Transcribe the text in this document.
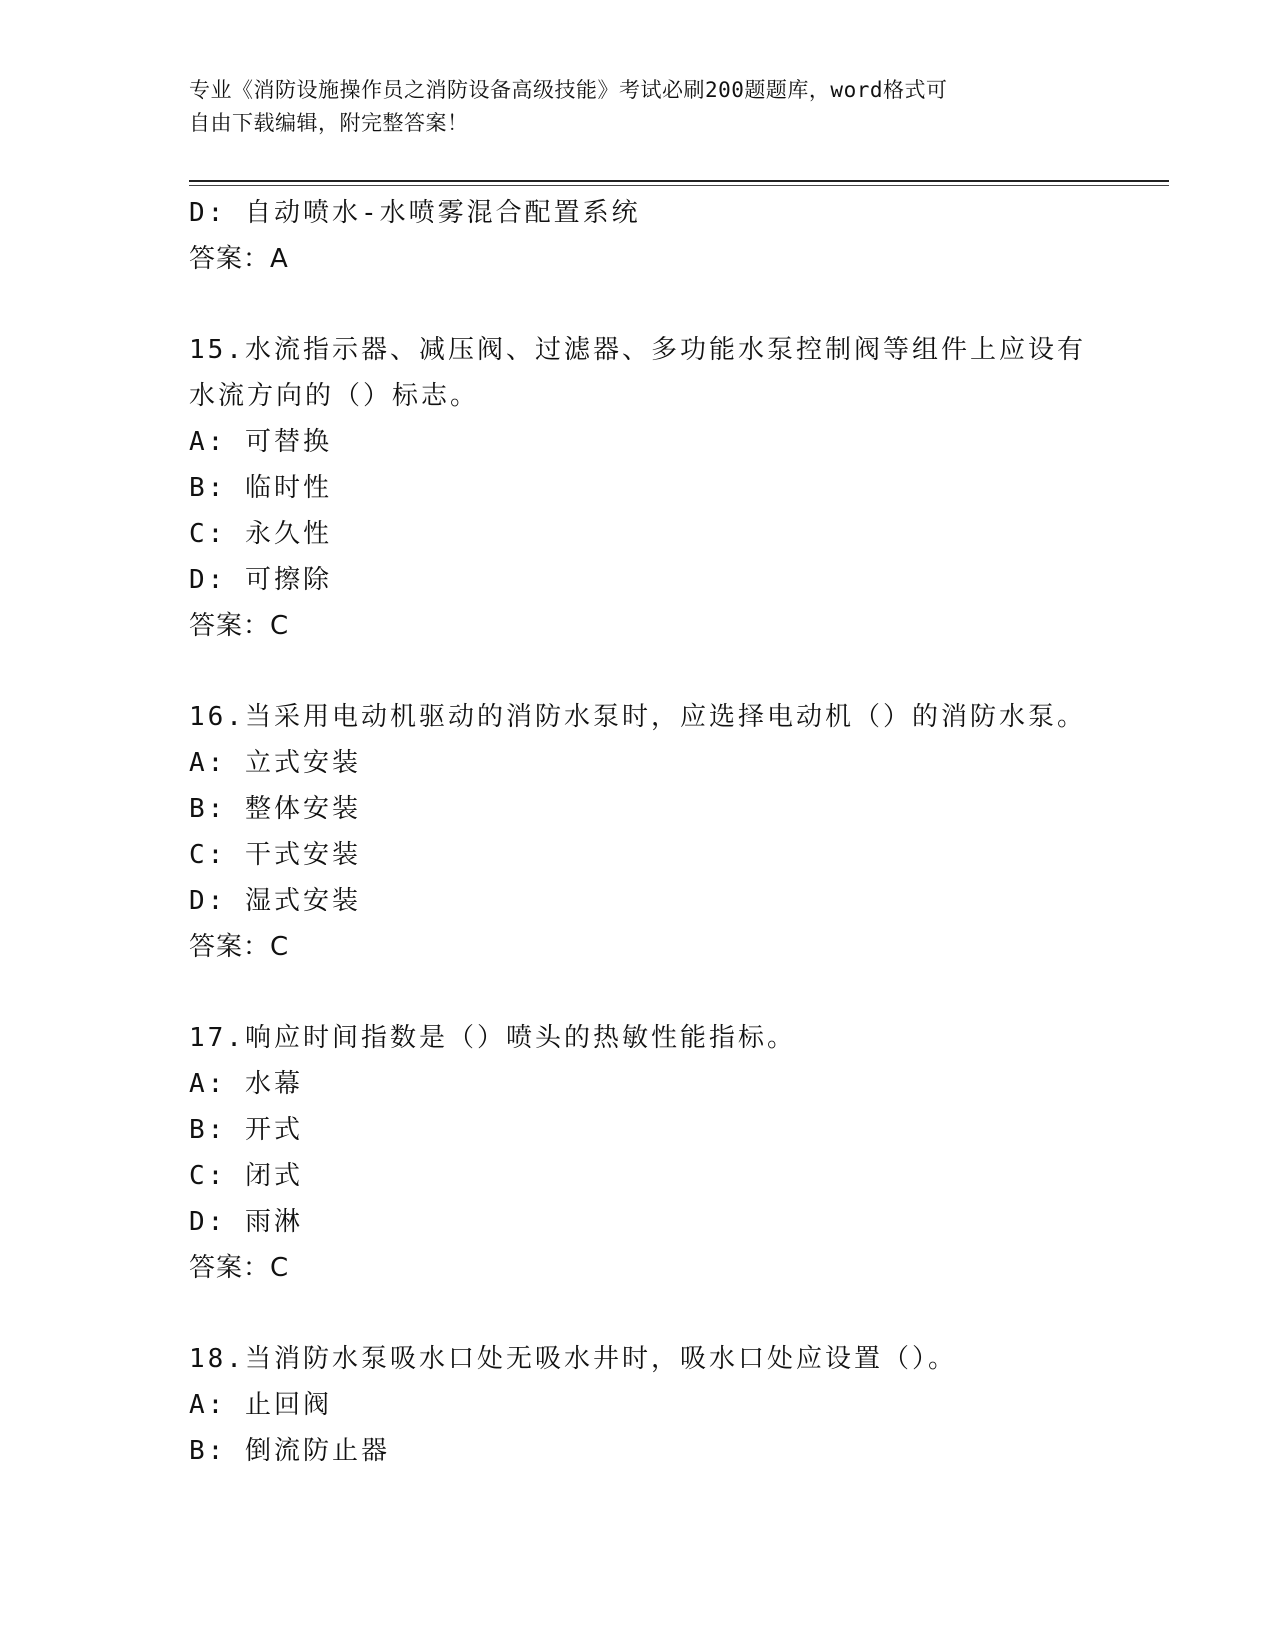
专业《消防设施操作员之消防设备高级技能》考试必刷200题题库，word格式可
自由下载编辑，附完整答案！
D: 自动喷水-水喷雾混合配置系统
答案：A
15.水流指示器、减压阀、过滤器、多功能水泵控制阀等组件上应设有
水流方向的（）标志。
A: 可替换
B: 临时性
C: 永久性
D: 可擦除
答案：C
16.当采用电动机驱动的消防水泵时，应选择电动机（）的消防水泵。
A: 立式安装
B: 整体安装
C: 干式安装
D: 湿式安装
答案：C
17.响应时间指数是（）喷头的热敏性能指标。
A: 水幕
B: 开式
C: 闭式
D: 雨淋
答案：C
18.当消防水泵吸水口处无吸水井时，吸水口处应设置（）。
A: 止回阀
B: 倒流防止器
